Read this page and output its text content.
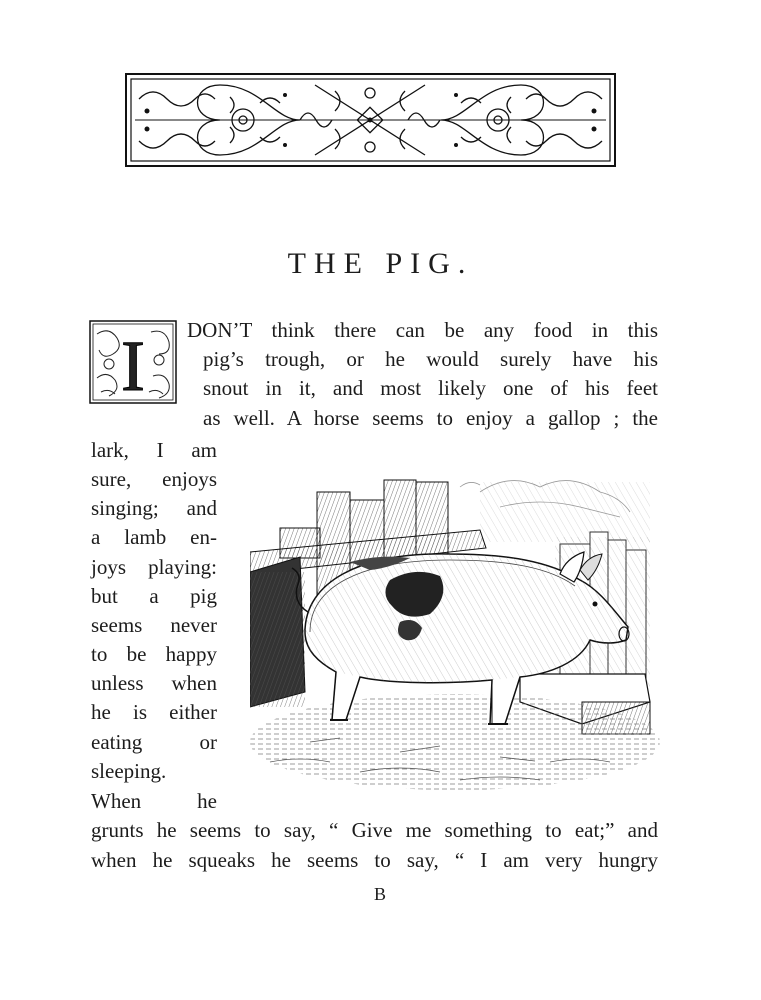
THE PIG.
I DON’T think there can be any food in this
pig’s trough, or he would surely have his
snout in it, and most likely one of his feet
as well. A horse seems to enjoy a gallop ; the
lark, I am
sure, enjoys
singing; and
a lamb en-
joys playing:
but a pig
seems never
to be happy
unless when
he is either
eating or
sleeping.
When he
grunts he seems to say, “ Give me something to eat;” and
when he squeaks he seems to say, “ I am very hungry
B
